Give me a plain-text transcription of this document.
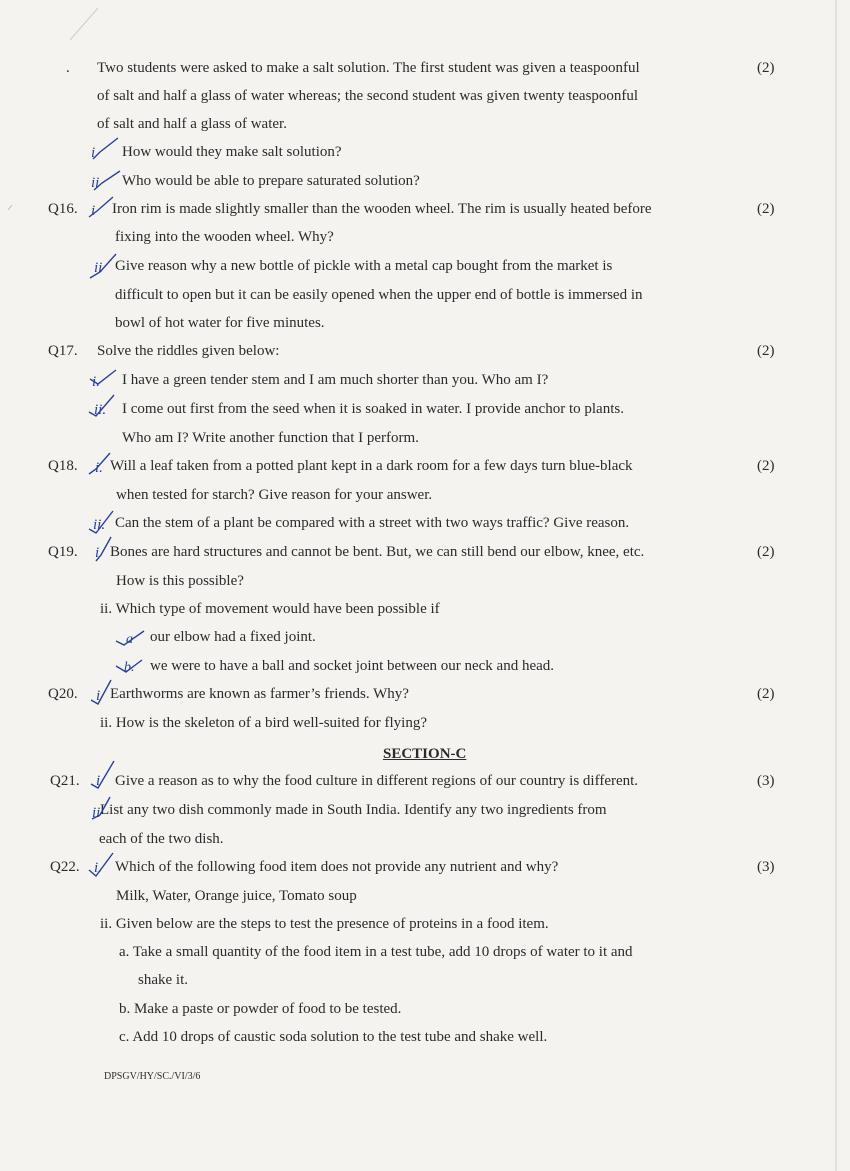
. Two students were asked to make a salt solution. The first student was given a teaspoonful	(2)
of salt and half a glass of water whereas; the second student was given twenty teaspoonful
of salt and half a glass of water.
How would they make salt solution?
Who would be able to prepare saturated solution?
Q16. Iron rim is made slightly smaller than the wooden wheel. The rim is usually heated before	(2)
fixing into the wooden wheel. Why?
Give reason why a new bottle of pickle with a metal cap bought from the market is
difficult to open but it can be easily opened when the upper end of bottle is immersed in
bowl of hot water for five minutes.
Q17. Solve the riddles given below:	(2)
I have a green tender stem and I am much shorter than you. Who am I?
I come out first from the seed when it is soaked in water. I provide anchor to plants.
Who am I? Write another function that I perform.
Q18. Will a leaf taken from a potted plant kept in a dark room for a few days turn blue-black	(2)
when tested for starch? Give reason for your answer.
Can the stem of a plant be compared with a street with two ways traffic? Give reason.
Q19. Bones are hard structures and cannot be bent. But, we can still bend our elbow, knee, etc.	(2)
How is this possible?
ii. Which type of movement would have been possible if
our elbow had a fixed joint.
we were to have a ball and socket joint between our neck and head.
Q20. Earthworms are known as farmer’s friends. Why?	(2)
ii. How is the skeleton of a bird well-suited for flying?
SECTION-C
Q21. Give a reason as to why the food culture in different regions of our country is different.	(3)
List any two dish commonly made in South India. Identify any two ingredients from
each of the two dish.
Q22. Which of the following food item does not provide any nutrient and why?	(3)
Milk, Water, Orange juice, Tomato soup
ii. Given below are the steps to test the presence of proteins in a food item.
a. Take a small quantity of the food item in a test tube, add 10 drops of water to it and
shake it.
b. Make a paste or powder of food to be tested.
c. Add 10 drops of caustic soda solution to the test tube and shake well.
DPSGV/HY/SC./VI/3/6
i
ii
i
ii
i.
ii.
i.
ii.
i
a
b.
i
i
ii
i.
